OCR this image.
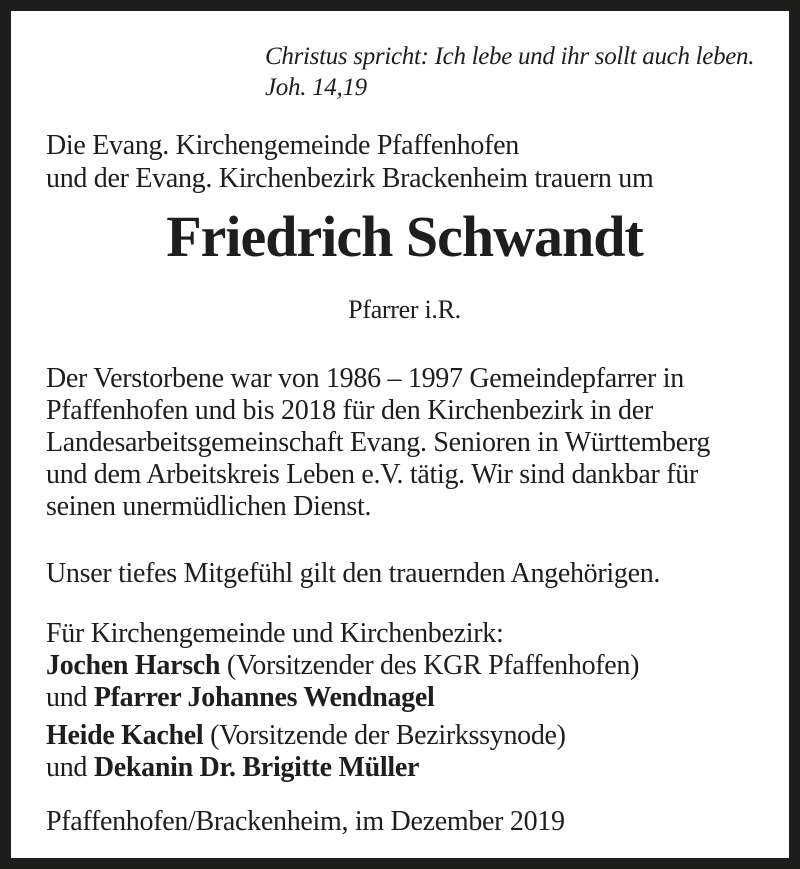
Christus spricht: Ich lebe und ihr sollt auch leben.
Joh. 14,19
Die Evang. Kirchengemeinde Pfaffenhofen
und der Evang. Kirchenbezirk Brackenheim trauern um
Friedrich Schwandt
Pfarrer i.R.
Der Verstorbene war von 1986 – 1997 Gemeindepfarrer in
Pfaffenhofen und bis 2018 für den Kirchenbezirk in der
Landesarbeitsgemeinschaft Evang. Senioren in Württemberg
und dem Arbeitskreis Leben e.V. tätig. Wir sind dankbar für
seinen unermüdlichen Dienst.
Unser tiefes Mitgefühl gilt den trauernden Angehörigen.
Für Kirchengemeinde und Kirchenbezirk:
Jochen Harsch (Vorsitzender des KGR Pfaffenhofen)
und Pfarrer Johannes Wendnagel
Heide Kachel (Vorsitzende der Bezirkssynode)
und Dekanin Dr. Brigitte Müller
Pfaffenhofen/Brackenheim, im Dezember 2019
